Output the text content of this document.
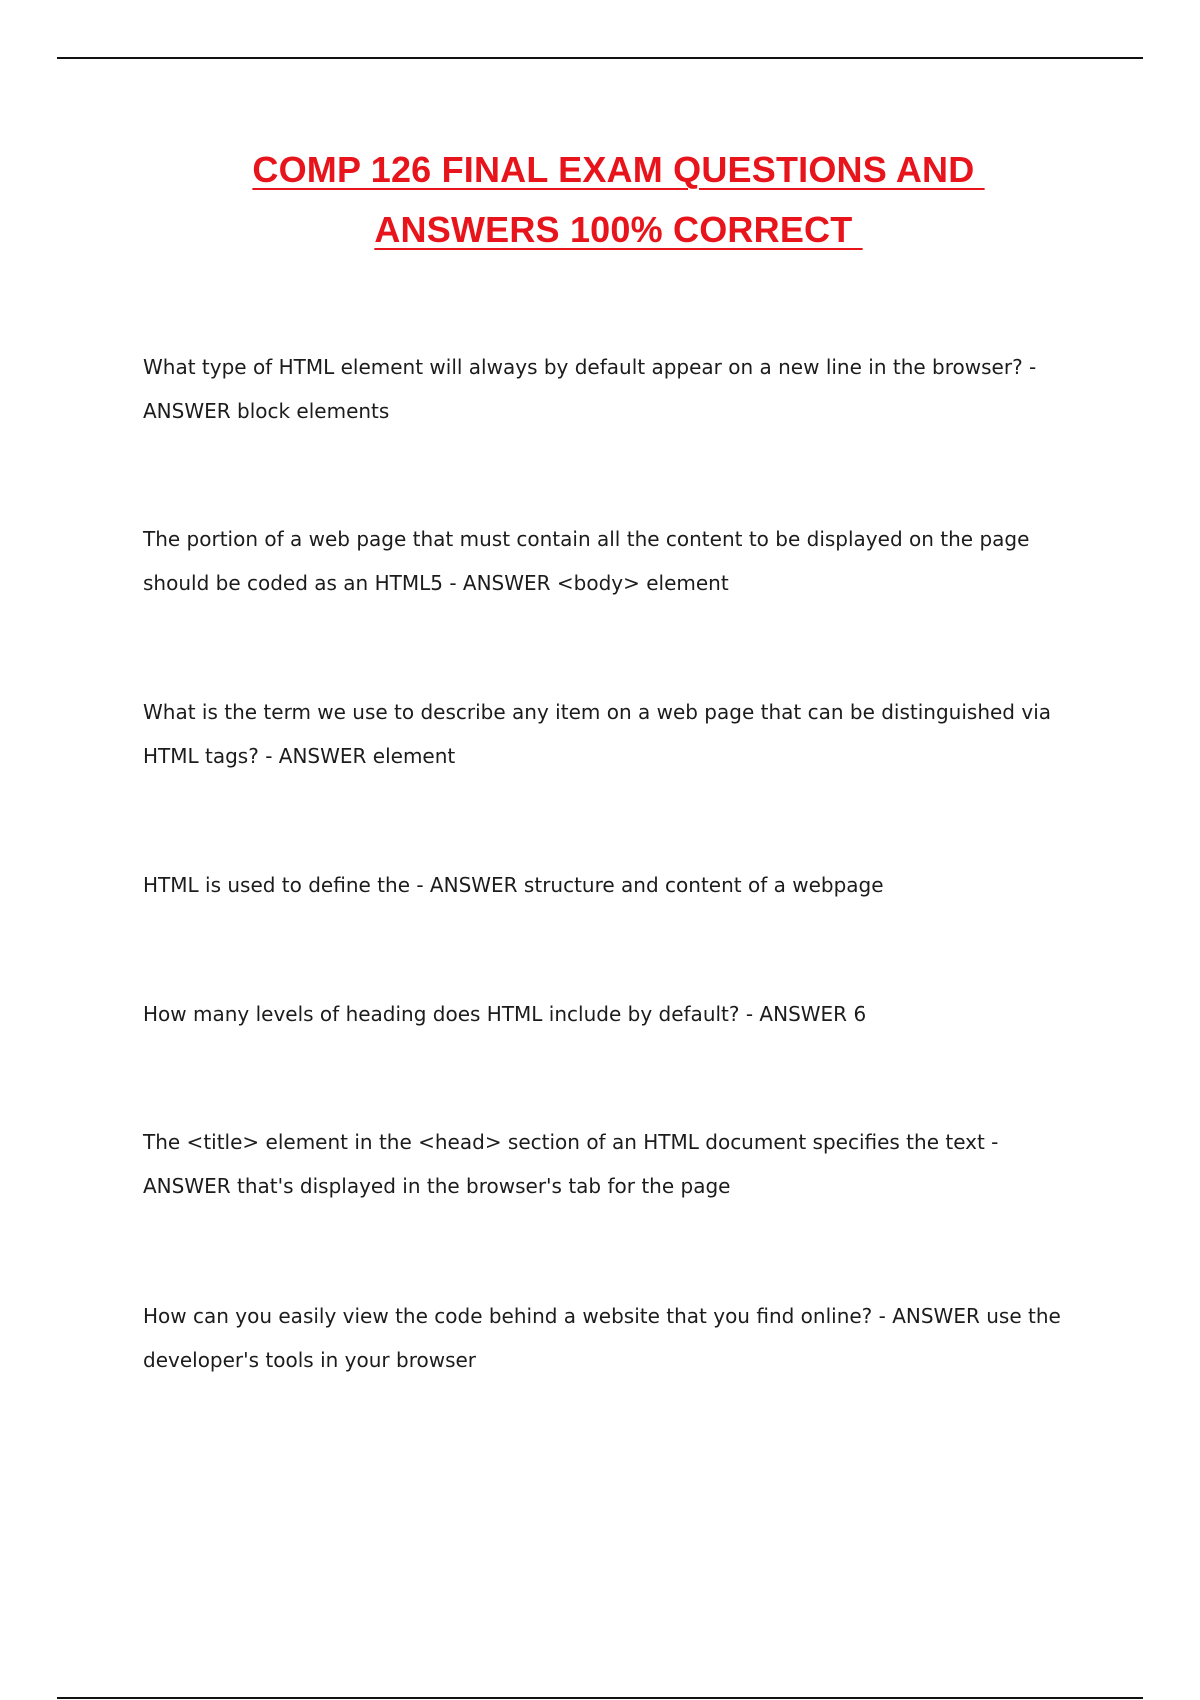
COMP 126 FINAL EXAM QUESTIONS AND
ANSWERS 100% CORRECT

What type of HTML element will always by default appear on a new line in the browser? - ANSWER block elements

The portion of a web page that must contain all the content to be displayed on the page should be coded as an HTML5 - ANSWER <body> element

What is the term we use to describe any item on a web page that can be distinguished via HTML tags? - ANSWER element

HTML is used to define the - ANSWER structure and content of a webpage

How many levels of heading does HTML include by default? - ANSWER 6

The <title> element in the <head> section of an HTML document specifies the text - ANSWER that's displayed in the browser's tab for the page

How can you easily view the code behind a website that you find online? - ANSWER use the developer's tools in your browser
